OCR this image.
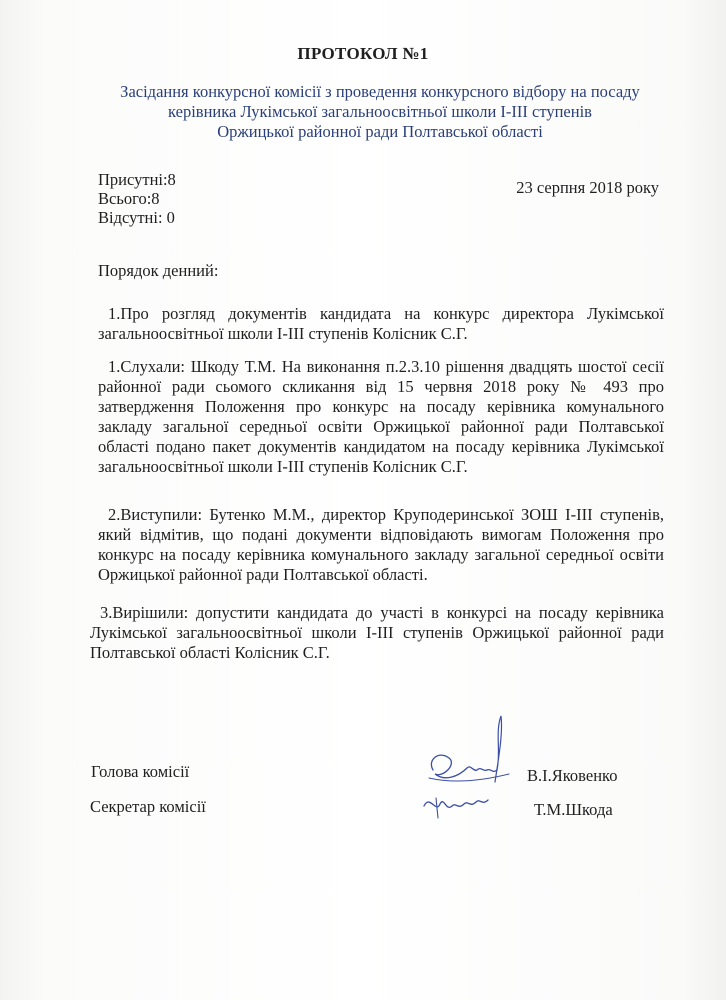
ПРОТОКОЛ №1
Засідання конкурсної комісії з проведення конкурсного відбору на посаду
керівника Лукімської загальноосвітньої школи І-ІІІ ступенів
Оржицької районної ради Полтавської області
Присутні:8
Всього:8
Відсутні: 0
23 серпня 2018 року
Порядок денний:
1.Про розгляд документів кандидата на конкурс директора Лукімської загальноосвітньої школи І-ІІІ ступенів Колісник С.Г.
1.Слухали: Шкоду Т.М. На виконання п.2.3.10 рішення двадцять шостої сесії районної ради сьомого скликання від 15 червня 2018 року № 493 про затвердження Положення про конкурс на посаду керівника комунального закладу загальної середньої освіти Оржицької районної ради Полтавської області подано пакет документів кандидатом на посаду керівника Лукімської загальноосвітньої школи І-ІІІ ступенів Колісник С.Г.
2.Виступили: Бутенко М.М., директор Круподеринської ЗОШ І-ІІІ ступенів, який відмітив, що подані документи відповідають вимогам Положення про конкурс на посаду керівника комунального закладу загальної середньої освіти Оржицької районної ради Полтавської області.
3.Вирішили: допустити кандидата до участі в конкурсі на посаду керівника Лукімської загальноосвітньої школи І-ІІІ ступенів Оржицької районної ради Полтавської області Колісник С.Г.
Голова комісії	В.І.Яковенко
Секретар комісії	Т.М.Шкода
